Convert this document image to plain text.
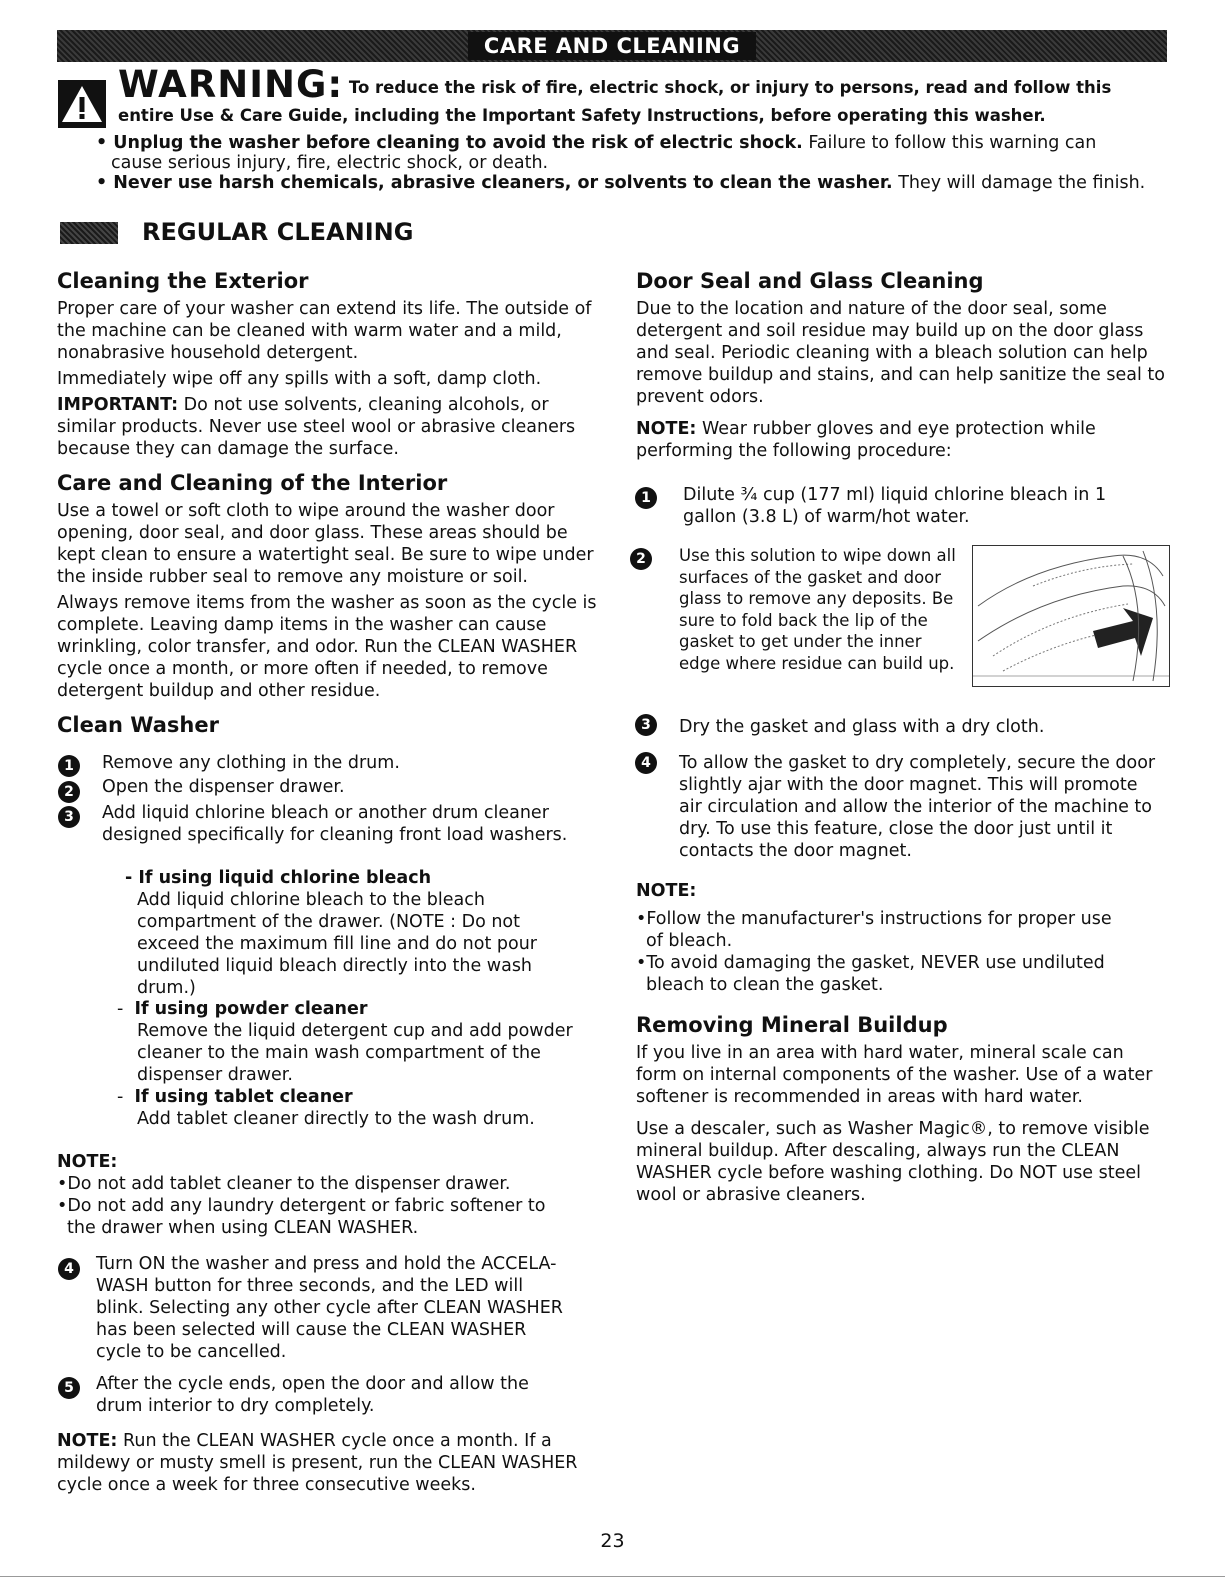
CARE AND CLEANING
WARNING: To reduce the risk of fire, electric shock, or injury to persons, read and follow this
entire Use & Care Guide, including the Important Safety Instructions, before operating this washer.

• Unplug the washer before cleaning to avoid the risk of electric shock. Failure to follow this warning can

cause serious injury, fire, electric shock, or death.

• Never use harsh chemicals, abrasive cleaners, or solvents to clean the washer. They will damage the finish.

REGULAR CLEANING
Cleaning the Exterior

Proper care of your washer can extend its life. The outside of the machine can be cleaned with warm water and a mild, nonabrasive household detergent.

Immediately wipe off any spills with a soft, damp cloth.

IMPORTANT: Do not use solvents, cleaning alcohols, or similar products. Never use steel wool or abrasive cleaners because they can damage the surface.

Care and Cleaning of the Interior

Use a towel or soft cloth to wipe around the washer door opening, door seal, and door glass. These areas should be kept clean to ensure a watertight seal. Be sure to wipe under the inside rubber seal to remove any moisture or soil.

Always remove items from the washer as soon as the cycle is complete. Leaving damp items in the washer can cause wrinkling, color transfer, and odor. Run the CLEAN WASHER cycle once a month, or more often if needed, to remove detergent buildup and other residue.

Clean Washer
1	Remove any clothing in the drum.
2	Open the dispenser drawer.
3	Add liquid chlorine bleach or another drum cleaner designed specifically for cleaning front load washers.

- If using liquid chlorine bleach

Add liquid chlorine bleach to the bleach compartment of the drawer. (NOTE : Do not exceed the maximum fill line and do not pour undiluted liquid bleach directly into the wash drum.)

- If using powder cleaner

Remove the liquid detergent cup and add powder cleaner to the main wash compartment of the dispenser drawer.

- If using tablet cleaner

Add tablet cleaner directly to the wash drum.

NOTE:

•Do not add tablet cleaner to the dispenser drawer.

•Do not add any laundry detergent or fabric softener to

the drawer when using CLEAN WASHER.

4	Turn ON the washer and press and hold the ACCELA-WASH button for three seconds, and the LED will blink. Selecting any other cycle after CLEAN WASHER has been selected will cause the CLEAN WASHER cycle to be cancelled.
5	After the cycle ends, open the door and allow the drum interior to dry completely.

NOTE: Run the CLEAN WASHER cycle once a month. If a mildewy or musty smell is present, run the CLEAN WASHER cycle once a week for three consecutive weeks.

Door Seal and Glass Cleaning

Due to the location and nature of the door seal, some detergent and soil residue may build up on the door glass and seal. Periodic cleaning with a bleach solution can help remove buildup and stains, and can help sanitize the seal to prevent odors.

NOTE: Wear rubber gloves and eye protection while performing the following procedure:

1	Dilute ¾ cup (177 ml) liquid chlorine bleach in 1 gallon (3.8 L) of warm/hot water.
2	Use this solution to wipe down all surfaces of the gasket and door glass to remove any deposits. Be sure to fold back the lip of the gasket to get under the inner edge where residue can build up.
3	Dry the gasket and glass with a dry cloth.
4	To allow the gasket to dry completely, secure the door slightly ajar with the door magnet. This will promote air circulation and allow the interior of the machine to dry. To use this feature, close the door just until it contacts the door magnet.

NOTE:

•Follow the manufacturer's instructions for proper use

of bleach.

•To avoid damaging the gasket, NEVER use undiluted

bleach to clean the gasket.

Removing Mineral Buildup

If you live in an area with hard water, mineral scale can form on internal components of the washer. Use of a water softener is recommended in areas with hard water.

Use a descaler, such as Washer Magic®, to remove visible mineral buildup. After descaling, always run the CLEAN WASHER cycle before washing clothing. Do NOT use steel wool or abrasive cleaners.

23
